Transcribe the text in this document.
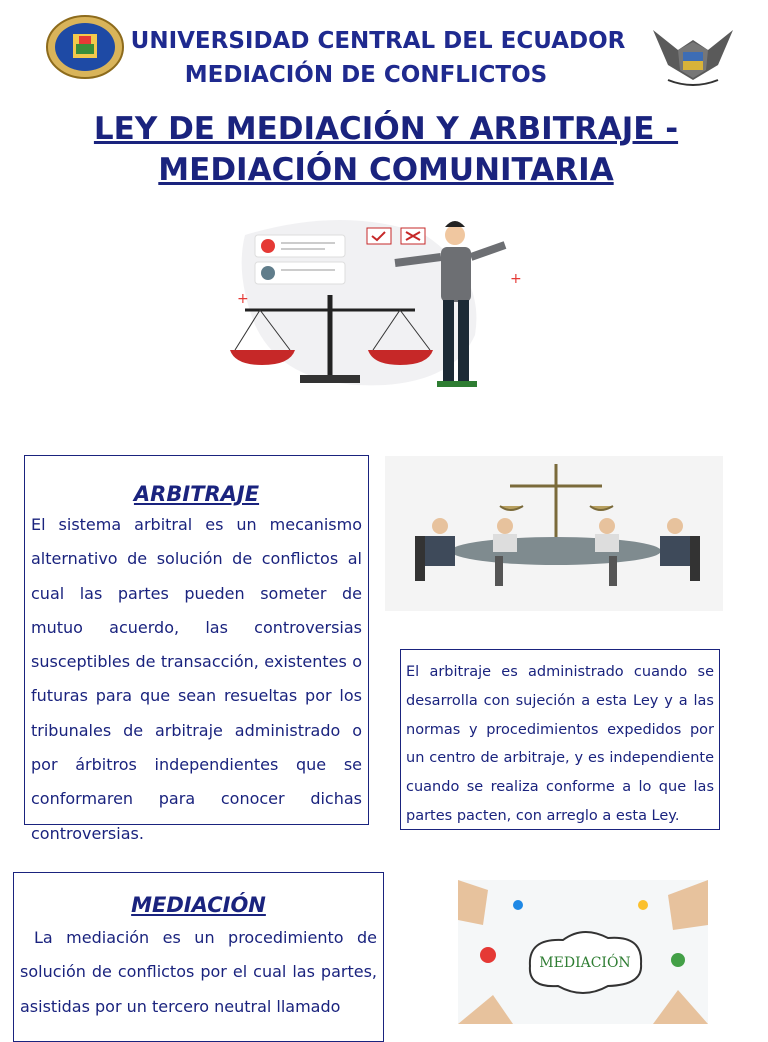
UNIVERSIDAD CENTRAL DEL ECUADOR
MEDIACIÓN DE CONFLICTOS
LEY DE MEDIACIÓN Y ARBITRAJE -
MEDIACIÓN COMUNITARIA
+
+
ARBITRAJE
El sistema arbitral es un mecanismo alternativo de solución de conflictos al cual las partes pueden someter de mutuo acuerdo, las controversias susceptibles de transacción, existentes o futuras para que sean resueltas por los tribunales de arbitraje administrado o por árbitros independientes que se conformaren para conocer dichas controversias.
El arbitraje es administrado cuando se desarrolla con sujeción a esta Ley y a las normas y procedimientos expedidos por un centro de arbitraje, y es independiente cuando se realiza conforme a lo que las partes pacten, con arreglo a esta Ley.
MEDIACIÓN
La mediación es un procedimiento de solución de conflictos por el cual las partes, asistidas por un tercero neutral llamado
MEDIACIÓN
